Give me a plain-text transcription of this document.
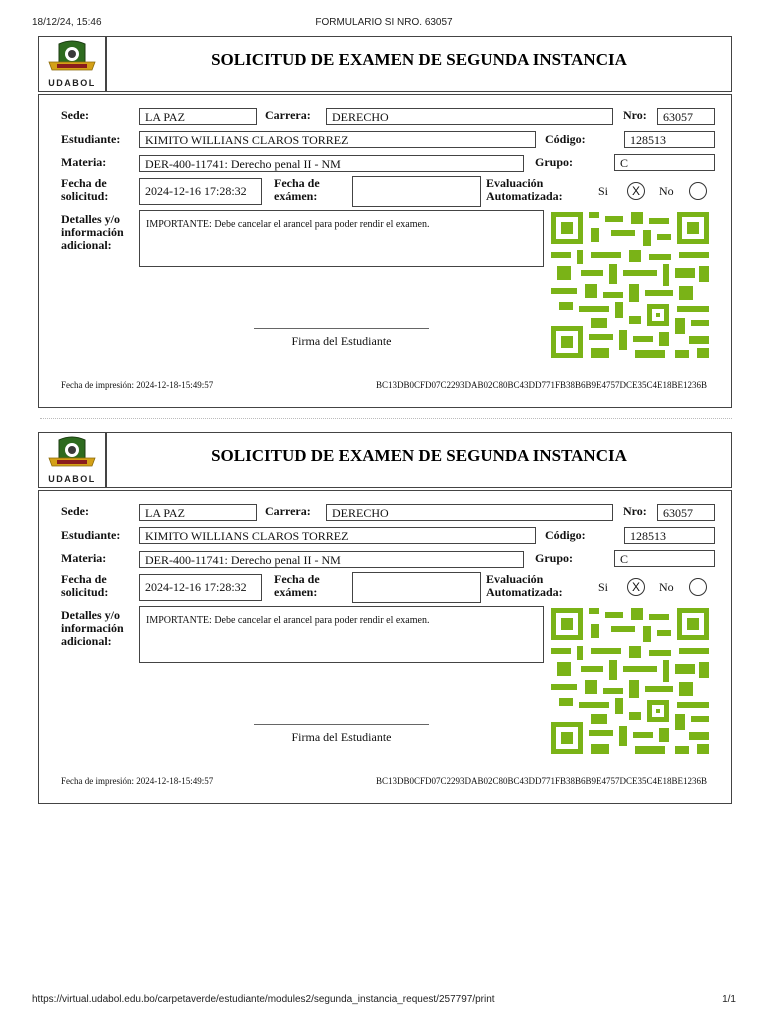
18/12/24, 15:46	FORMULARIO SI NRO. 63057
UDABOL
SOLICITUD DE EXAMEN DE SEGUNDA INSTANCIA
Sede:	LA PAZ	Carrera:	DERECHO	Nro:	63057
Estudiante:	KIMITO WILLIANS CLAROS TORREZ	Código:	128513
Materia:	DER-400-11741: Derecho penal II - NM	Grupo:	C
Fecha de solicitud:	2024-12-16 17:28:32
Fecha de exámen:
Evaluación Automatizada:	Si	X	No
Detalles y/o información adicional:
IMPORTANTE: Debe cancelar el arancel para poder rendir el examen.
Firma del Estudiante
Fecha de impresión: 2024-12-18-15:49:57	BC13DB0CFD07C2293DAB02C80BC43DD771FB38B6B9E4757DCE35C4E18BE1236B
UDABOL
SOLICITUD DE EXAMEN DE SEGUNDA INSTANCIA
Sede:	LA PAZ	Carrera:	DERECHO	Nro:	63057
Estudiante:	KIMITO WILLIANS CLAROS TORREZ	Código:	128513
Materia:	DER-400-11741: Derecho penal II - NM	Grupo:	C
Fecha de solicitud:	2024-12-16 17:28:32
Fecha de exámen:
Evaluación Automatizada:	Si	X	No
Detalles y/o información adicional:
IMPORTANTE: Debe cancelar el arancel para poder rendir el examen.
Firma del Estudiante
Fecha de impresión: 2024-12-18-15:49:57	BC13DB0CFD07C2293DAB02C80BC43DD771FB38B6B9E4757DCE35C4E18BE1236B
https://virtual.udabol.edu.bo/carpetaverde/estudiante/modules2/segunda_instancia_request/257797/print	1/1
